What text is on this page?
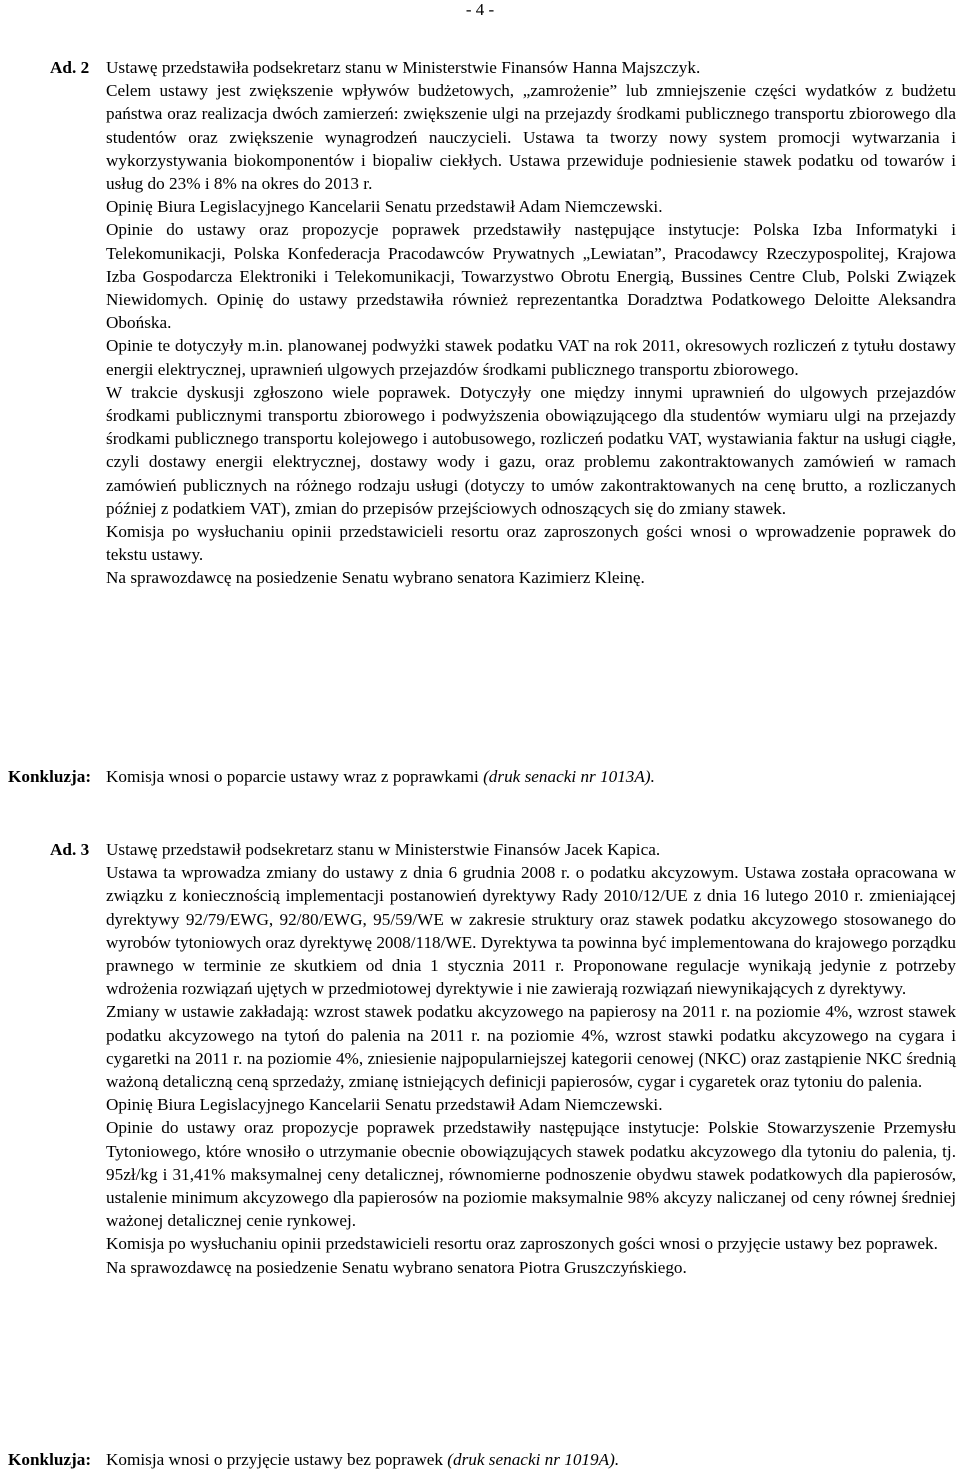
- 4 -
Ad. 2 Ustawę przedstawiła podsekretarz stanu w Ministerstwie Finansów Hanna Majszczyk.

Celem ustawy jest zwiększenie wpływów budżetowych, „zamrożenie” lub zmniejszenie części wydatków z budżetu państwa oraz realizacja dwóch zamierzeń: zwiększenie ulgi na przejazdy środkami publicznego transportu zbiorowego dla studentów oraz zwiększenie wynagrodzeń nauczycieli. Ustawa ta tworzy nowy system promocji wytwarzania i wykorzystywania biokomponentów i biopaliw ciekłych. Ustawa przewiduje podniesienie stawek podatku od towarów i usług do 23% i 8% na okres do 2013 r.

Opinię Biura Legislacyjnego Kancelarii Senatu przedstawił Adam Niemczewski.

Opinie do ustawy oraz propozycje poprawek przedstawiły następujące instytucje: Polska Izba Informatyki i Telekomunikacji, Polska Konfederacja Pracodawców Prywatnych „Lewiatan”, Pracodawcy Rzeczypospolitej, Krajowa Izba Gospodarcza Elektroniki i Telekomunikacji, Towarzystwo Obrotu Energią, Bussines Centre Club, Polski Związek Niewidomych. Opinię do ustawy przedstawiła również reprezentantka Doradztwa Podatkowego Deloitte Aleksandra Obońska.

Opinie te dotyczyły m.in. planowanej podwyżki stawek podatku VAT na rok 2011, okresowych rozliczeń z tytułu dostawy energii elektrycznej, uprawnień ulgowych przejazdów środkami publicznego transportu zbiorowego.

W trakcie dyskusji zgłoszono wiele poprawek. Dotyczyły one między innymi uprawnień do ulgowych przejazdów środkami publicznymi transportu zbiorowego i podwyższenia obowiązującego dla studentów wymiaru ulgi na przejazdy środkami publicznego transportu kolejowego i autobusowego, rozliczeń podatku VAT, wystawiania faktur na usługi ciągłe, czyli dostawy energii elektrycznej, dostawy wody i gazu, oraz problemu zakontraktowanych zamówień w ramach zamówień publicznych na różnego rodzaju usługi (dotyczy to umów zakontraktowanych na cenę brutto, a rozliczanych później z podatkiem VAT), zmian do przepisów przejściowych odnoszących się do zmiany stawek.

Komisja po wysłuchaniu opinii przedstawicieli resortu oraz zaproszonych gości wnosi o wprowadzenie poprawek do tekstu ustawy.

Na sprawozdawcę na posiedzenie Senatu wybrano senatora Kazimierz Kleinę.

Konkluzja: Komisja wnosi o poparcie ustawy wraz z poprawkami (druk senacki nr 1013A).
Ad. 3 Ustawę przedstawił podsekretarz stanu w Ministerstwie Finansów Jacek Kapica.

Ustawa ta wprowadza zmiany do ustawy z dnia 6 grudnia 2008 r. o podatku akcyzowym. Ustawa została opracowana w związku z koniecznością implementacji postanowień dyrektywy Rady 2010/12/UE z dnia 16 lutego 2010 r. zmieniającej dyrektywy 92/79/EWG, 92/80/EWG, 95/59/WE w zakresie struktury oraz stawek podatku akcyzowego stosowanego do wyrobów tytoniowych oraz dyrektywę 2008/118/WE. Dyrektywa ta powinna być implementowana do krajowego porządku prawnego w terminie ze skutkiem od dnia 1 stycznia 2011 r. Proponowane regulacje wynikają jedynie z potrzeby wdrożenia rozwiązań ujętych w przedmiotowej dyrektywie i nie zawierają rozwiązań niewynikających z dyrektywy.

Zmiany w ustawie zakładają: wzrost stawek podatku akcyzowego na papierosy na 2011 r. na poziomie 4%, wzrost stawek podatku akcyzowego na tytoń do palenia na 2011 r. na poziomie 4%, wzrost stawki podatku akcyzowego na cygara i cygaretki na 2011 r. na poziomie 4%, zniesienie najpopularniejszej kategorii cenowej (NKC) oraz zastąpienie NKC średnią ważoną detaliczną ceną sprzedaży, zmianę istniejących definicji papierosów, cygar i cygaretek oraz tytoniu do palenia.

Opinię Biura Legislacyjnego Kancelarii Senatu przedstawił Adam Niemczewski.

Opinie do ustawy oraz propozycje poprawek przedstawiły następujące instytucje: Polskie Stowarzyszenie Przemysłu Tytoniowego, które wnosiło o utrzymanie obecnie obowiązujących stawek podatku akcyzowego dla tytoniu do palenia, tj. 95zł/kg i 31,41% maksymalnej ceny detalicznej, równomierne podnoszenie obydwu stawek podatkowych dla papierosów, ustalenie minimum akcyzowego dla papierosów na poziomie maksymalnie 98% akcyzy naliczanej od ceny równej średniej ważonej detalicznej cenie rynkowej.

Komisja po wysłuchaniu opinii przedstawicieli resortu oraz zaproszonych gości wnosi o przyjęcie ustawy bez poprawek.

Na sprawozdawcę na posiedzenie Senatu wybrano senatora Piotra Gruszczyńskiego.

Konkluzja: Komisja wnosi o przyjęcie ustawy bez poprawek (druk senacki nr 1019A).
